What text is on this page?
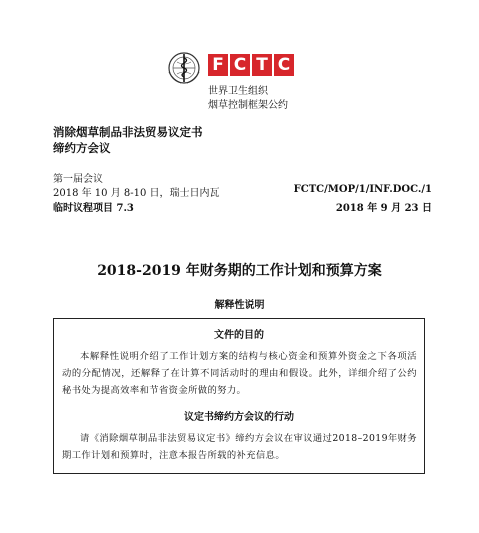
F C T C
世界卫生组织
烟草控制框架公约
消除烟草制品非法贸易议定书
缔约方会议
第一届会议
2018 年 10 月 8-10 日，瑞士日内瓦
临时议程项目 7.3
FCTC/MOP/1/INF.DOC./1
2018 年 9 月 23 日
2018-2019 年财务期的工作计划和预算方案
解释性说明
文件的目的
本解释性说明介绍了工作计划方案的结构与核心资金和预算外资金之下各项活动的分配情况，还解释了在计算不同活动时的理由和假设。此外，详细介绍了公约秘书处为提高效率和节省资金所做的努力。
议定书缔约方会议的行动
请《消除烟草制品非法贸易议定书》缔约方会议在审议通过2018–2019年财务期工作计划和预算时，注意本报告所载的补充信息。
